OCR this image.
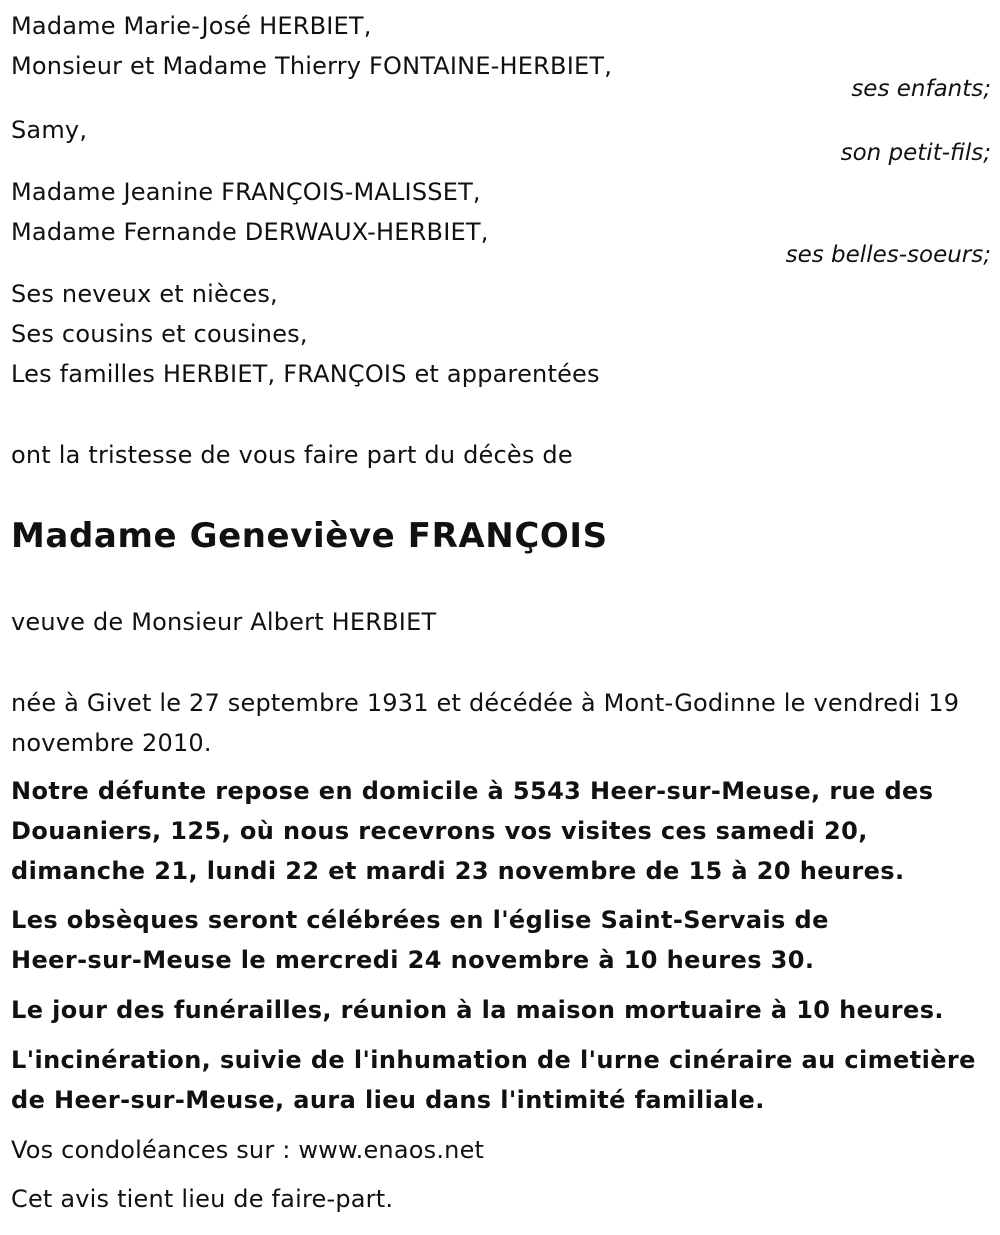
Madame Marie-José HERBIET,
Monsieur et Madame Thierry FONTAINE-HERBIET,
ses enfants;
Samy,
son petit-fils;
Madame Jeanine FRANÇOIS-MALISSET,
Madame Fernande DERWAUX-HERBIET,
ses belles-soeurs;
Ses neveux et nièces,
Ses cousins et cousines,
Les familles HERBIET, FRANÇOIS et apparentées
ont la tristesse de vous faire part du décès de
Madame Geneviève FRANÇOIS
veuve de Monsieur Albert HERBIET
née à Givet le 27 septembre 1931 et décédée à Mont-Godinne le vendredi 19 novembre 2010.
Notre défunte repose en domicile à 5543 Heer-sur-Meuse, rue des Douaniers, 125, où nous recevrons vos visites ces samedi 20, dimanche 21, lundi 22 et mardi 23 novembre de 15 à 20 heures.
Les obsèques seront célébrées en l'église Saint-Servais de Heer-sur-Meuse le mercredi 24 novembre à 10 heures 30.
Le jour des funérailles, réunion à la maison mortuaire à 10 heures.
L'incinération, suivie de l'inhumation de l'urne cinéraire au cimetière de Heer-sur-Meuse, aura lieu dans l'intimité familiale.
Vos condoléances sur : www.enaos.net
Cet avis tient lieu de faire-part.
